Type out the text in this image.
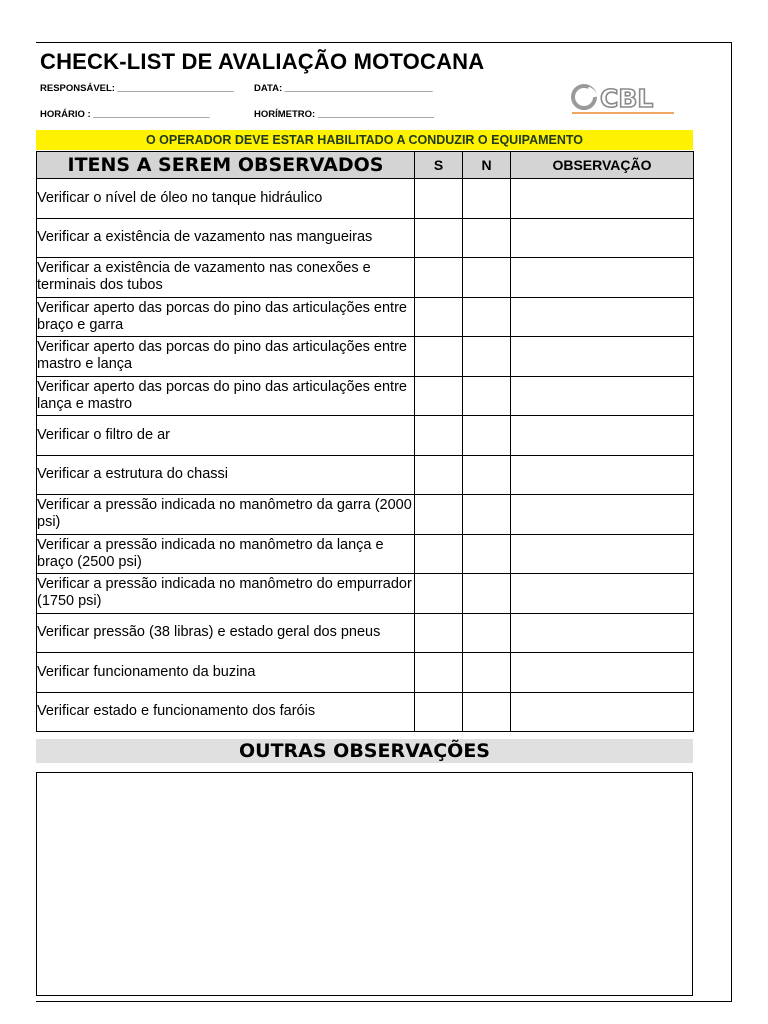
CHECK-LIST DE AVALIAÇÃO MOTOCANA
RESPONSÁVEL: ______________________ DATA: ____________________________
HORÁRIO : ______________________	HORÍMETRO: ______________________
CBL
O OPERADOR DEVE ESTAR HABILITADO A CONDUZIR O EQUIPAMENTO
ITENS A SEREM OBSERVADOS	S	N	OBSERVAÇÃO
Verificar o nível de óleo no tanque hidráulico			
Verificar a existência de vazamento nas mangueiras			
Verificar a existência de vazamento nas conexões e terminais dos tubos			
Verificar aperto das porcas do pino das articulações entre braço e garra			
Verificar aperto das porcas do pino das articulações entre mastro e lança			
Verificar aperto das porcas do pino das articulações entre lança e mastro			
Verificar o filtro de ar			
Verificar a estrutura do chassi			
Verificar a pressão indicada no manômetro da garra (2000 psi)			
Verificar a pressão indicada no manômetro da lança e braço (2500 psi)			
Verificar a pressão indicada no manômetro do empurrador (1750 psi)			
Verificar pressão (38 libras) e estado geral dos pneus			
Verificar funcionamento da buzina			
Verificar estado e funcionamento dos faróis			
OUTRAS OBSERVAÇÕES
